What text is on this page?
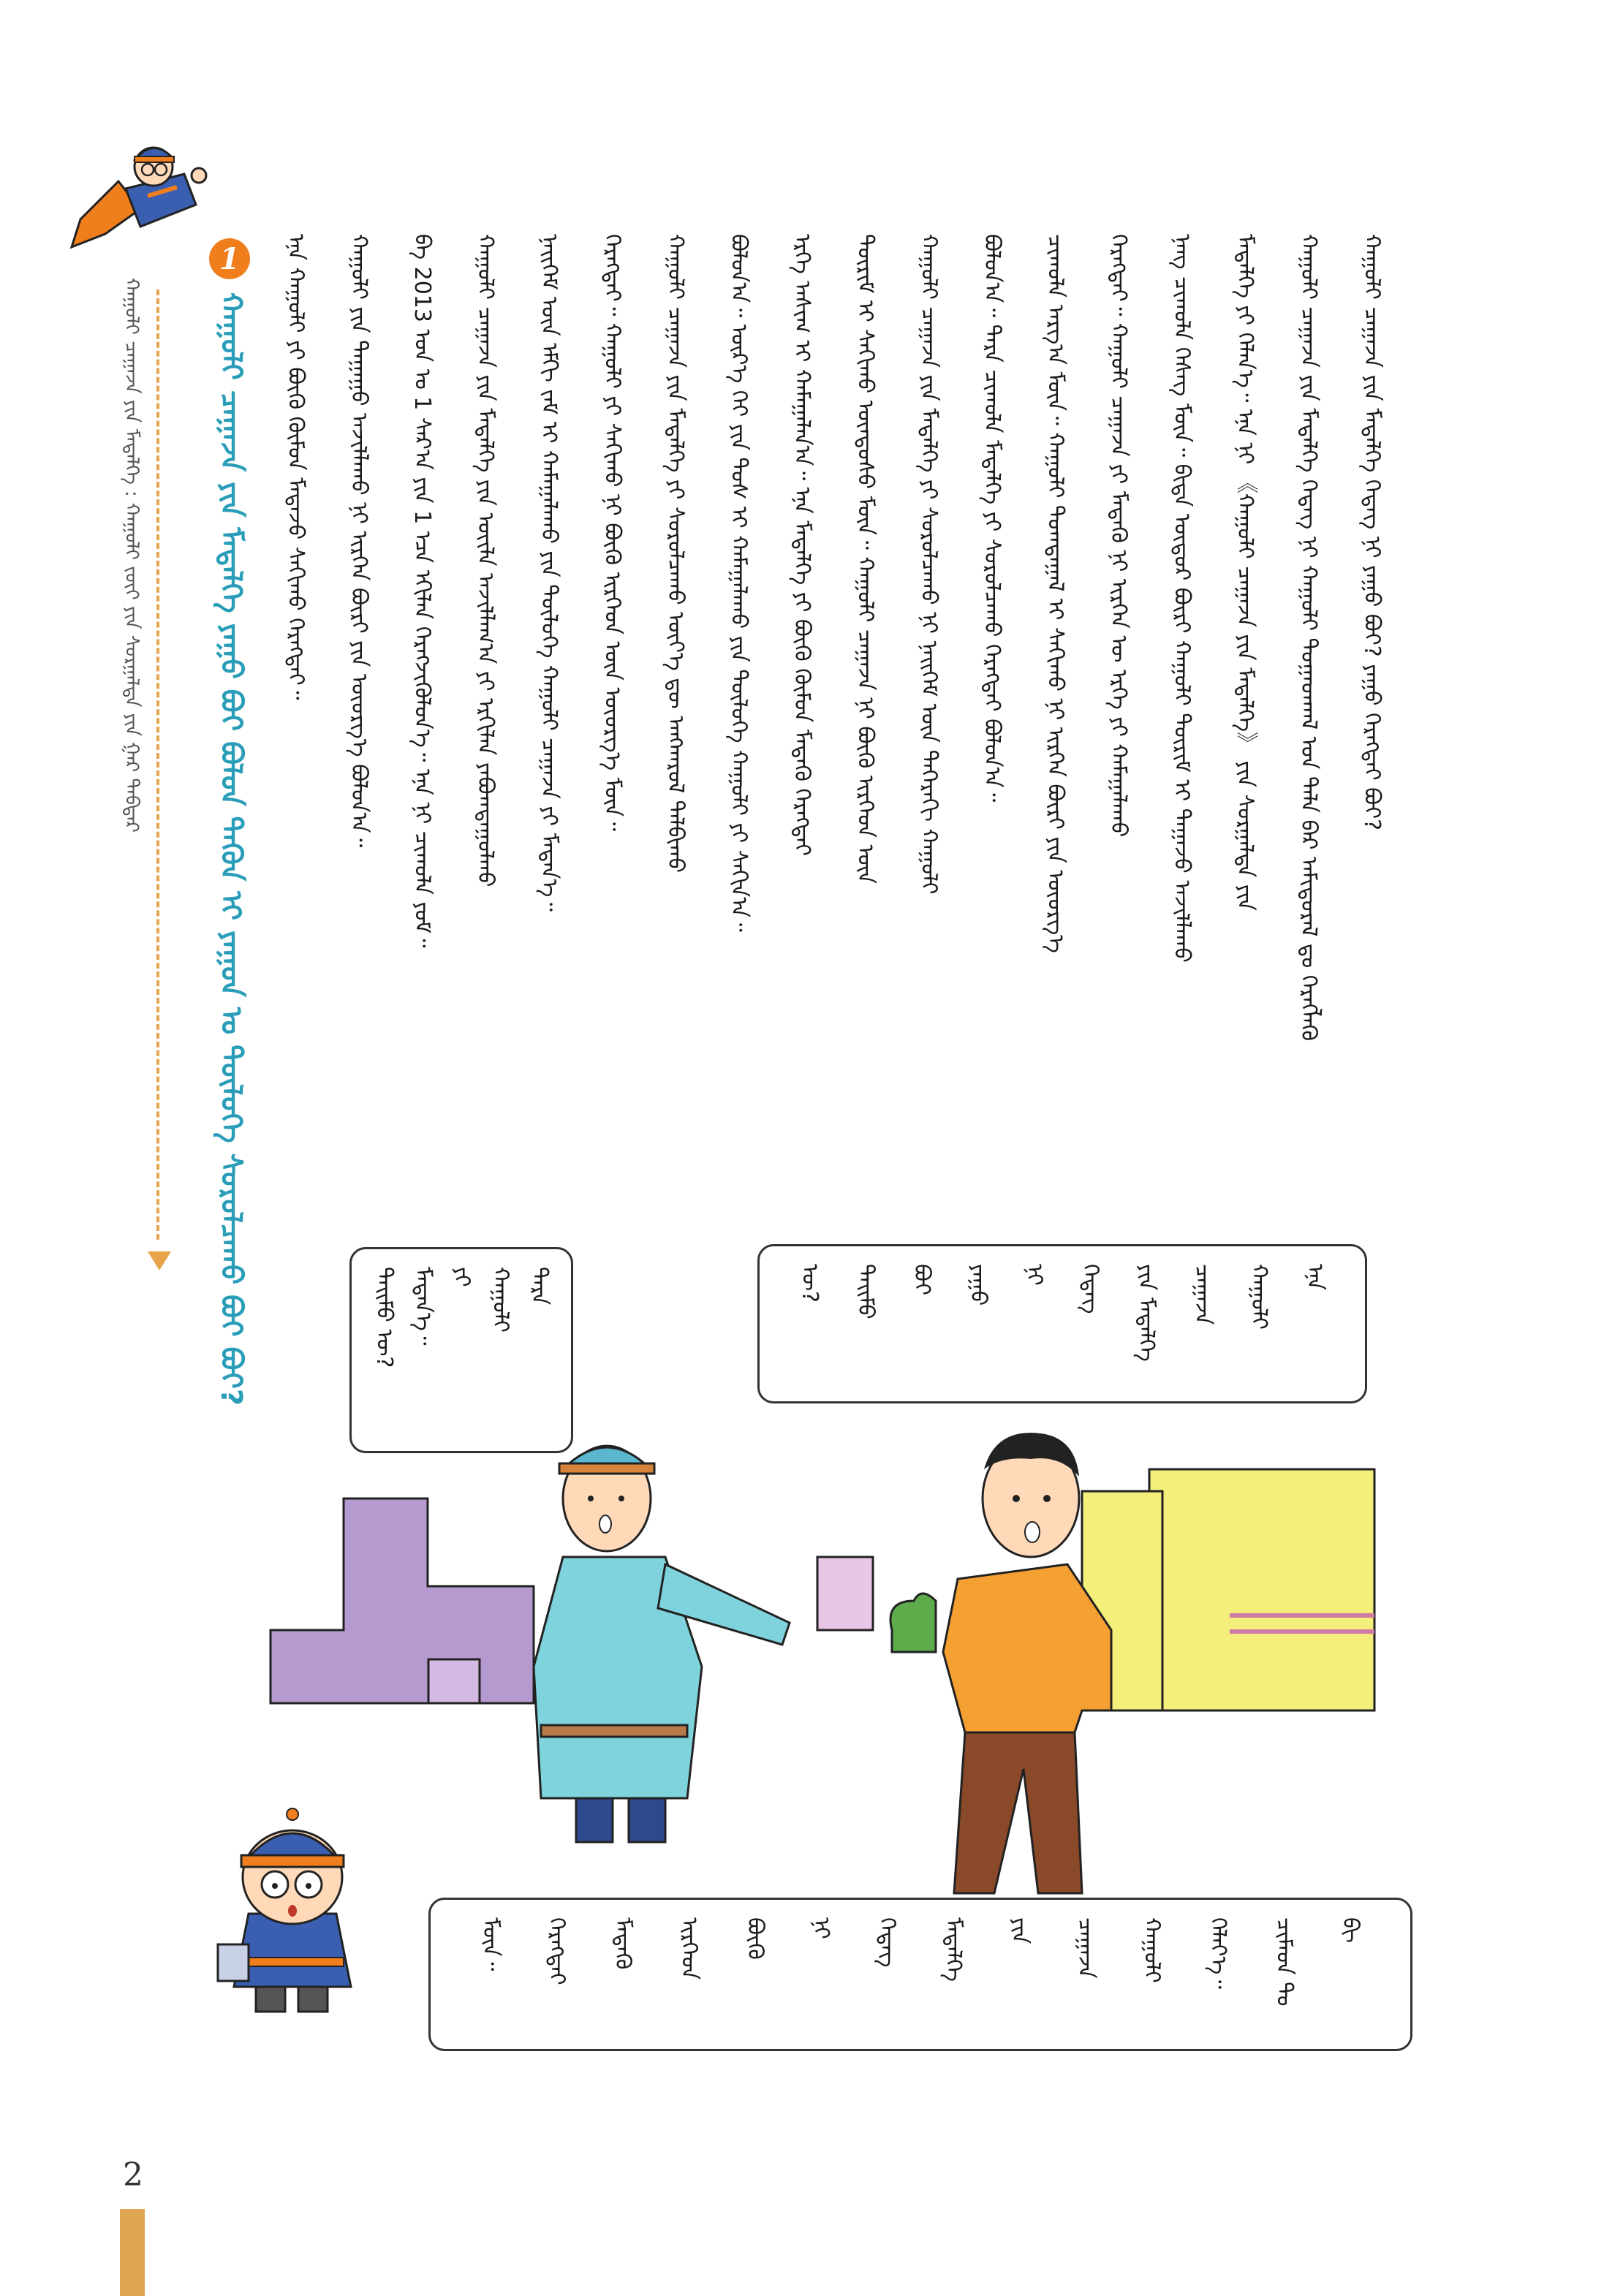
ᠬᠠᠭᠤᠯᠢ ᠴᠠᠭᠠᠵᠠ ᠶᠢᠨ ᠮᠡᠳᠡᠯᠭᠡ : ᠬᠠᠭᠤᠯᠢ ᠵᠦᠢ ᠶᠢᠨ ᠰᠤᠷᠭᠠᠯᠲᠠ ᠶᠢᠨ ᠭᠠᠷ ᠳᠡᠪᠲᠡᠷ
1
ᠬᠠᠭᠤᠯᠢ ᠴᠠᠭᠠᠵᠠ ᠶᠢᠨ ᠮᠡᠳᠡᠯᠭᠡ ᠶᠠᠭᠤ ᠪᠤᠢ ᠪᠣᠯᠤᠨ ᠲᠡᠭᠦᠨ ᠢ ᠶᠠᠭᠤᠨ ᠤ ᠲᠥᠯᠦᠭᠡ ᠰᠤᠷᠤᠯᠴᠠᠬᠤ ᠪᠤᠢ ᠪᠤᠢ?	ᠡᠨᠡ ᠬᠠᠭᠤᠯᠢ ᠶᠢ ᠪᠦᠬᠦ ᠬᠦᠮᠦᠨ ᠮᠡᠳᠡᠵᠦ ᠰᠠᠬᠢᠬᠤ ᠬᠡᠷᠡᠭᠲᠡᠢ᠃ ᠬᠠᠭᠤᠯᠢ ᠶᠢᠨ ᠳᠠᠭᠠᠭᠤ ᠠᠵᠢᠯᠯᠠᠬᠤ ᠨᠢ ᠢᠷᠭᠡᠨ ᠪᠦᠷᠢ ᠶᠢᠨ ᠦᠦᠷᠭ᠎ᠡ ᠪᠣᠯᠤᠨ᠎ᠠ᠃ ᠪᠠ 2013 ᠣᠨ ᠤ 1 ᠰᠠᠷ᠎ᠠ ᠶᠢᠨ 1 ᠡᠴᠡ ᠡᠬᠢᠯᠡᠨ ᠬᠡᠷᠡᠭᠵᠢᠭᠦᠯᠦᠨ᠎ᠡ᠃ ᠡᠨᠡ ᠨᠢ ᠴᠢᠬᠤᠯᠠ ᠶᠤᠮ᠃ ᠬᠠᠭᠤᠯᠢ ᠴᠠᠭᠠᠵᠠ ᠶᠢᠨ ᠮᠡᠳᠡᠯᠭᠡ ᠶᠢᠨ ᠦᠢᠯᠡ ᠠᠵᠢᠯᠯᠠᠭ᠎ᠠ ᠶᠢ ᠡᠷᠬᠢᠯᠡᠨ ᠶᠠᠪᠤᠭᠳᠠᠭᠤᠯᠬᠤ ᠨᠡᠢᠭᠡᠮ ᠦᠨ ᠡᠮᠬᠢ ᠵᠠᠮ ᠢ ᠬᠠᠮᠠᠭᠠᠯᠠᠬᠤ ᠶᠢᠨ ᠲᠥᠯᠦᠭᠡ ᠬᠠᠭᠤᠯᠢ ᠴᠠᠭᠠᠵᠠ ᠶᠢ ᠮᠡᠳᠡᠨ᠎ᠡ᠃ ᠬᠡᠷᠡᠭᠲᠡᠢ᠃ ᠬᠠᠭᠤᠯᠢ ᠶᠢ ᠰᠠᠬᠢᠬᠤ ᠨᠢ ᠪᠦᠬᠦ ᠢᠷᠭᠡᠳ ᠦᠨ ᠦᠦᠷᠭ᠎ᠡ ᠮᠥᠨ᠃ ᠬᠠᠭᠤᠯᠢ ᠴᠠᠭᠠᠵᠠ ᠶᠢᠨ ᠮᠡᠳᠡᠯᠭᠡ ᠶᠢ ᠰᠤᠷᠤᠯᠴᠠᠬᠤ ᠦᠶ᠎ᠡ ᠳᠦ ᠠᠩᠬᠠᠷᠤᠯ ᠲᠠᠯᠪᠢᠬᠤ ᠪᠣᠯᠤᠨ᠎ᠠ᠃ ᠦᠷ᠎ᠡ ᠬᠡᠢ ᠶᠢᠨ ᠲᠤᠰ ᠢ ᠬᠠᠮᠠᠭᠠᠯᠠᠬᠤ ᠶᠢᠨ ᠲᠥᠯᠦᠭᠡ ᠬᠠᠭᠤᠯᠢ ᠶᠢ ᠰᠠᠬᠢᠨ᠎ᠠ᠃ ᠡᠷᠬᠡ ᠠᠰᠢᠭ ᠢ ᠬᠠᠮᠠᠭᠠᠯᠠᠨ᠎ᠠ᠃ ᠡᠨᠡ ᠮᠡᠳᠡᠯᠭᠡ ᠶᠢ ᠪᠦᠬᠦ ᠬᠦᠮᠦᠨ ᠮᠡᠳᠡᠬᠦ ᠬᠡᠷᠡᠭᠲᠡᠢ ᠳᠦᠷᠢᠮ ᠢ ᠰᠠᠬᠢᠬᠤ ᠦᠨᠳᠦᠰᠦ ᠮᠥᠨ᠃ ᠬᠠᠭᠤᠯᠢ ᠴᠠᠭᠠᠵᠠ ᠨᠢ ᠪᠦᠬᠦ ᠢᠷᠭᠡᠳ ᠦᠨ ᠬᠠᠭᠤᠯᠢ ᠴᠠᠭᠠᠵᠠ ᠶᠢᠨ ᠮᠡᠳᠡᠯᠭᠡ ᠶᠢ ᠰᠤᠷᠤᠯᠴᠠᠬᠤ ᠨᠢ ᠨᠡᠢᠭᠡᠮ ᠦᠨ ᠳᠡᠭᠡᠷᠡᠬᠢ ᠬᠠᠭᠤᠯᠢ ᠪᠣᠯᠤᠨ᠎ᠠ᠃ ᠲᠡᠷᠡ ᠴᠢᠬᠤᠯᠠ ᠮᠡᠳᠡᠯᠭᠡ ᠶᠢ ᠰᠤᠷᠤᠯᠴᠠᠬᠤ ᠬᠡᠷᠡᠭᠲᠡᠢ ᠪᠣᠯᠤᠨ᠎ᠠ᠃ ᠴᠢᠬᠤᠯᠠ ᠠᠷᠭ᠎ᠠ ᠮᠥᠨ᠃ ᠬᠠᠭᠤᠯᠢ ᠲᠣᠭᠲᠠᠭᠠᠯ ᠢ ᠰᠠᠬᠢᠬᠤ ᠨᠢ ᠢᠷᠭᠡᠨ ᠪᠦᠷᠢ ᠶᠢᠨ ᠦᠦᠷᠭ᠎ᠡ ᠬᠡᠷᠡᠭᠲᠡᠢ᠃ ᠬᠠᠭᠤᠯᠢ ᠴᠠᠭᠠᠵᠠ ᠶᠢ ᠮᠡᠳᠡᠬᠦ ᠨᠢ ᠢᠷᠭᠡᠨ ᠦ ᠡᠷᠬᠡ ᠶᠢ ᠬᠠᠮᠠᠭᠠᠯᠠᠬᠤ ᠨᠡᠩ ᠴᠢᠬᠤᠯᠠ ᠬᠡᠰᠡᠭ ᠮᠥᠨ᠃ ᠪᠢᠳᠡ ᠥᠳᠥᠷ ᠪᠦᠷᠢ ᠬᠠᠭᠤᠯᠢ ᠳᠦᠷᠢᠮ ᠢ ᠳᠠᠭᠠᠵᠤ ᠠᠵᠢᠯᠯᠠᠬᠤ ᠮᠡᠳᠡᠯᠭᠡ ᠶᠢ ᠬᠡᠯᠡᠨ᠎ᠡ᠃ ᠡᠨᠡ ᠨᠢ 《ᠬᠠᠭᠤᠯᠢ ᠴᠠᠭᠠᠵᠠ ᠶᠢᠨ ᠮᠡᠳᠡᠯᠭᠡ》 ᠶᠢᠨ ᠰᠤᠷᠭᠠᠯᠲᠠ ᠶᠢᠨ ᠬᠠᠭᠤᠯᠢ ᠴᠠᠭᠠᠵᠠ ᠶᠢᠨ ᠮᠡᠳᠡᠯᠭᠡ ᠭᠡᠳᠡᠭ ᠨᠢ ᠬᠠᠭᠤᠯᠢ ᠳᠣᠭᠠᠳᠬᠠᠯ ᠤᠨ ᠲᠠᠯᠠ ᠪᠠᠷ ᠠᠮᠢᠳᠤᠷᠠᠯ ᠳᠤ ᠬᠡᠷᠡᠭᠯᠡᠬᠦ ᠬᠠᠭᠤᠯᠢ ᠴᠠᠭᠠᠵᠠ ᠶᠢᠨ ᠮᠡᠳᠡᠯᠭᠡ ᠭᠡᠳᠡᠭ ᠨᠢ ᠶᠠᠭᠤ ᠪᠤᠢ? ᠶᠠᠭᠤ ᠬᠡᠷᠡᠭᠲᠡᠢ ᠪᠤᠢ?
ᠲᠡᠢᠮᠦ ᠦ? ᠮᠡᠳᠡᠨ᠎ᠡ᠃ ᠶᠢ ᠬᠠᠭᠤᠯᠢ ᠲᠡᠷᠡ	ᠦ?	ᠲᠡᠢᠮᠦ	ᠪᠤᠢ	ᠶᠠᠭᠤ	ᠨᠢ	ᠭᠡᠳᠡᠭ	ᠶᠢᠨ ᠮᠡᠳᠡᠯᠭᠡ	ᠴᠠᠭᠠᠵᠠ	ᠬᠠᠭᠤᠯᠢ	ᠡᠨᠡ
ᠮᠥᠨ᠃	ᠬᠡᠷᠡᠭᠲᠡᠢ	ᠮᠡᠳᠡᠬᠦ	ᠢᠷᠭᠡᠳ	ᠪᠦᠬᠦ	ᠨᠢ	ᠭᠡᠳᠡᠭ	ᠮᠡᠳᠡᠯᠭᠡ	ᠶᠢᠨ	ᠴᠠᠭᠠᠵᠠ	ᠬᠠᠭᠤᠯᠢ	ᠬᠡᠯᠡᠶ᠎ᠡ᠃	ᠴᠢᠮᠠᠳ ᠲᠤ	ᠪᠢ
2
